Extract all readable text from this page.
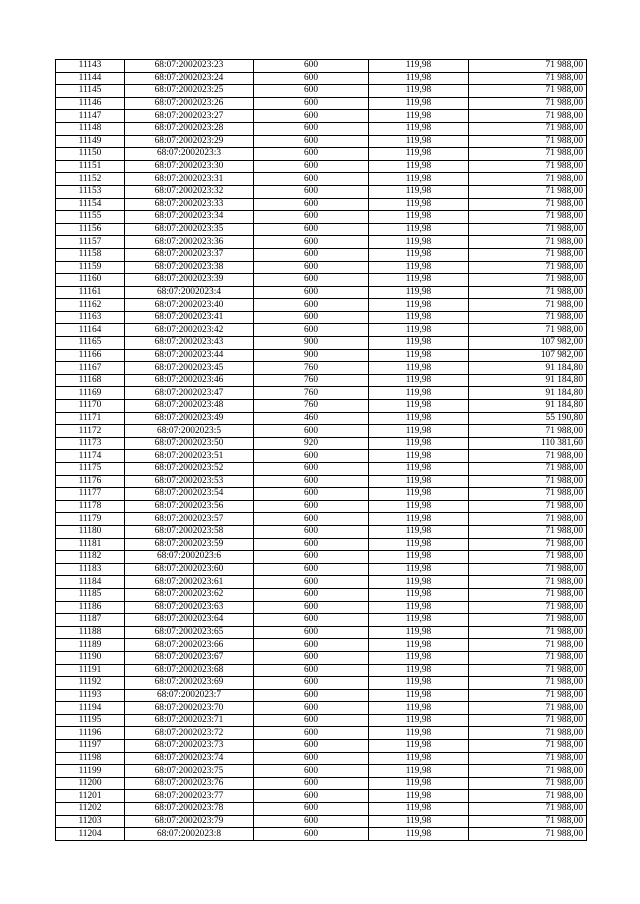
11143	68:07:2002023:23	600	119,98	71 988,00
11144	68:07:2002023:24	600	119,98	71 988,00
11145	68:07:2002023:25	600	119,98	71 988,00
11146	68:07:2002023:26	600	119,98	71 988,00
11147	68:07:2002023:27	600	119,98	71 988,00
11148	68:07:2002023:28	600	119,98	71 988,00
11149	68:07:2002023:29	600	119,98	71 988,00
11150	68:07:2002023:3	600	119,98	71 988,00
11151	68:07:2002023:30	600	119,98	71 988,00
11152	68:07:2002023:31	600	119,98	71 988,00
11153	68:07:2002023:32	600	119,98	71 988,00
11154	68:07:2002023:33	600	119,98	71 988,00
11155	68:07:2002023:34	600	119,98	71 988,00
11156	68:07:2002023:35	600	119,98	71 988,00
11157	68:07:2002023:36	600	119,98	71 988,00
11158	68:07:2002023:37	600	119,98	71 988,00
11159	68:07:2002023:38	600	119,98	71 988,00
11160	68:07:2002023:39	600	119,98	71 988,00
11161	68:07:2002023:4	600	119,98	71 988,00
11162	68:07:2002023:40	600	119,98	71 988,00
11163	68:07:2002023:41	600	119,98	71 988,00
11164	68:07:2002023:42	600	119,98	71 988,00
11165	68:07:2002023:43	900	119,98	107 982,00
11166	68:07:2002023:44	900	119,98	107 982,00
11167	68:07:2002023:45	760	119,98	91 184,80
11168	68:07:2002023:46	760	119,98	91 184,80
11169	68:07:2002023:47	760	119,98	91 184,80
11170	68:07:2002023:48	760	119,98	91 184,80
11171	68:07:2002023:49	460	119,98	55 190,80
11172	68:07:2002023:5	600	119,98	71 988,00
11173	68:07:2002023:50	920	119,98	110 381,60
11174	68:07:2002023:51	600	119,98	71 988,00
11175	68:07:2002023:52	600	119,98	71 988,00
11176	68:07:2002023:53	600	119,98	71 988,00
11177	68:07:2002023:54	600	119,98	71 988,00
11178	68:07:2002023:56	600	119,98	71 988,00
11179	68:07:2002023:57	600	119,98	71 988,00
11180	68:07:2002023:58	600	119,98	71 988,00
11181	68:07:2002023:59	600	119,98	71 988,00
11182	68:07:2002023:6	600	119,98	71 988,00
11183	68:07:2002023:60	600	119,98	71 988,00
11184	68:07:2002023:61	600	119,98	71 988,00
11185	68:07:2002023:62	600	119,98	71 988,00
11186	68:07:2002023:63	600	119,98	71 988,00
11187	68:07:2002023:64	600	119,98	71 988,00
11188	68:07:2002023:65	600	119,98	71 988,00
11189	68:07:2002023:66	600	119,98	71 988,00
11190	68:07:2002023:67	600	119,98	71 988,00
11191	68:07:2002023:68	600	119,98	71 988,00
11192	68:07:2002023:69	600	119,98	71 988,00
11193	68:07:2002023:7	600	119,98	71 988,00
11194	68:07:2002023:70	600	119,98	71 988,00
11195	68:07:2002023:71	600	119,98	71 988,00
11196	68:07:2002023:72	600	119,98	71 988,00
11197	68:07:2002023:73	600	119,98	71 988,00
11198	68:07:2002023:74	600	119,98	71 988,00
11199	68:07:2002023:75	600	119,98	71 988,00
11200	68:07:2002023:76	600	119,98	71 988,00
11201	68:07:2002023:77	600	119,98	71 988,00
11202	68:07:2002023:78	600	119,98	71 988,00
11203	68:07:2002023:79	600	119,98	71 988,00
11204	68:07:2002023:8	600	119,98	71 988,00
